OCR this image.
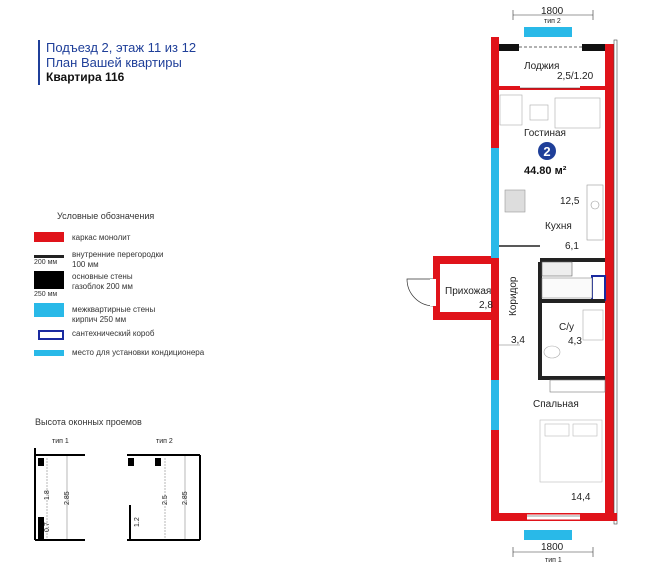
Подъезд 2, этаж 11 из 12
План Вашей квартиры
Квартира 116
Условные обозначения
каркас монолит
200 мм
внутренние перегородки
100 мм
250 мм
основные стены
газоблок 200 мм
межквартирные стены
кирпич 250 мм
сантехнический короб
место для установки кондиционера
Высота оконных проемов
тип 1
1.8 2.85
0.7
тип 2
1.2
2.5 2.85
1800
тип 2
1800
тип 1
Лоджия
2,5/1.20
Гостиная
2
44.80 м²
12,5
Кухня
6,1
Прихожая
2,8 Коридор
3,4
С/у
4,3
Спальная
14,4
